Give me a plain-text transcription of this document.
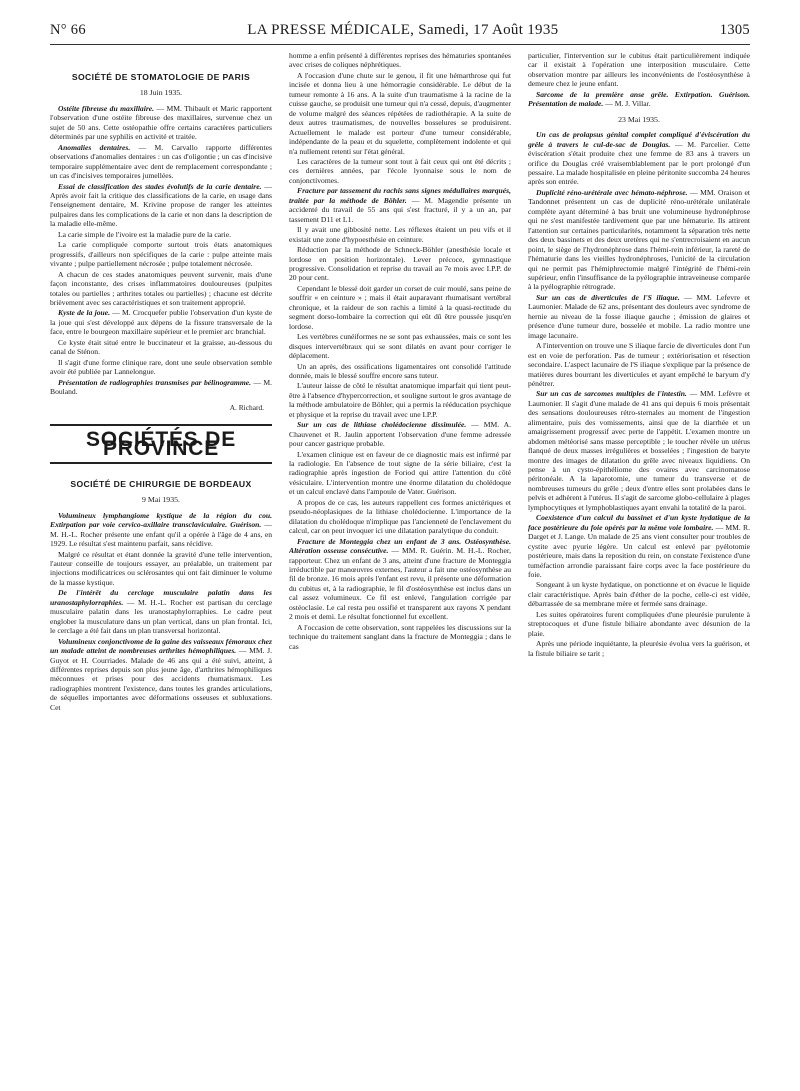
N° 66	LA PRESSE MÉDICALE, Samedi, 17 Août 1935	1305
SOCIÉTÉ DE STOMATOLOGIE DE PARIS
18 Juin 1935.

Ostéite fibreuse du maxillaire. — MM. Thibault et Maric rapportent l'observation d'une ostéite fibreuse des maxillaires, survenue chez un sujet de 50 ans. Cette ostéopathie offre certains caractères particuliers déterminés par une syphilis en activité et traitée.

Anomalies dentaires. — M. Carvallo rapporte différentes observations d'anomalies dentaires : un cas d'oligontie ; un cas d'incisive temporaire supplémentaire avec dent de remplacement correspondante ; un cas d'incisives temporaires jumellées.

Essai de classification des stades évolutifs de la carie dentaire. — Après avoir fait la critique des classifications de la carie, en usage dans l'enseignement dentaire, M. Krivine propose de ranger les atteintes pulpaires dans les complications de la carie et non dans la description de la maladie elle-même.

La carie simple de l'ivoire est la maladie pure de la carie.

La carie compliquée comporte surtout trois états anatomiques progressifs, d'ailleurs non spécifiques de la carie : pulpe atteinte mais vivante ; pulpe partiellement nécrosée ; pulpe totalement nécrosée.

A chacun de ces stades anatomiques peuvent survenir, mais d'une façon inconstante, des crises inflammatoires douloureuses (pulpites totales ou partielles ; arthrites totales ou partielles) ; chacune est décrite brièvement avec ses caractéristiques et son traitement approprié.

Kyste de la joue. — M. Crocquefer publie l'observation d'un kyste de la joue qui s'est développé aux dépens de la fissure transversale de la face, entre le bourgeon maxillaire supérieur et le premier arc branchial.

Ce kyste était situé entre le buccinateur et la graisse, au-dessous du canal de Sténon.

Il s'agit d'une forme clinique rare, dont une seule observation semble avoir été publiée par Lannelongue.

Présentation de radiographies transmises par bélinogramme. — M. Bouland.

A. Richard.
SOCIÉTÉS DE PROVINCE
SOCIÉTÉ DE CHIRURGIE DE BORDEAUX
9 Mai 1935.

Volumineux lymphangiome kystique de la région du cou. Extirpation par voie cervico-axillaire transclaviculaire. Guérison. — M. H.-L. Rocher présente une enfant qu'il a opérée à l'âge de 4 ans, en 1929. Le résultat s'est maintenu parfait, sans récidive.

Malgré ce résultat et étant donnée la gravité d'une telle intervention, l'auteur conseille de toujours essayer, au préalable, un traitement par injections modificatrices ou sclérosantes qui ont fait diminuer le volume de la masse kystique.

De l'intérêt du cerclage musculaire palatin dans les uranostaphylorraphies. — M. H.-L. Rocher est partisan du cerclage musculaire palatin dans les uranostaphylorraphies. Le cadre peut englober la musculature dans un plan vertical, dans un plan frontal. Ici, le cerclage a été fait dans un plan transversal horizontal.

Volumineux conjonctivome de la gaine des vaisseaux fémoraux chez un malade atteint de nombreuses arthrites hémophiliques. — MM. J. Guyot et H. Courriades. Malade de 46 ans qui a été suivi, atteint, à différentes reprises depuis son plus jeune âge, d'arthrites hémophiliques méconnues et prises pour des accidents rhumatismaux. Les radiographies montrent l'existence, dans toutes les grandes articulations, de séquelles importantes avec déformations osseuses et subluxations. Cet

homme a enfin présenté à différentes reprises des hématuries spontanées avec crises de coliques néphrétiques.

A l'occasion d'une chute sur le genou, il fit une hémarthrose qui fut incisée et donna lieu à une hémorragie considérable. Le début de la tumeur remonte à 16 ans. A la suite d'un traumatisme à la racine de la cuisse gauche, se produisit une tumeur qui n'a cessé, depuis, d'augmenter de volume malgré des séances répétées de radiothérapie. A la suite de deux autres traumatismes, de nouvelles bosselures se produisirent. Actuellement le malade est porteur d'une tumeur considérable, indépendante de la peau et du squelette, complètement indolente et qui n'a nullement retenti sur l'état général.

Les caractères de la tumeur sont tout à fait ceux qui ont été décrits ; ces dernières années, par l'école lyonnaise sous le nom de conjonctivomes.

Fracture par tassement du rachis sans signes médullaires marqués, traitée par la méthode de Böhler. — M. Magendie présente un accidenté du travail de 55 ans qui s'est fracturé, il y a un an, par tassement D11 et L1.

Il y avait une gibbosité nette. Les réflexes étaient un peu vifs et il existait une zone d'hypoesthésie en ceinture.

Réduction par la méthode de Schneck-Böhler (anesthésie locale et lordose en position horizontale). Lever précoce, gymnastique progressive. Consolidation et reprise du travail au 7e mois avec I.P.P. de 20 pour cent.

Cependant le blessé doit garder un corset de cuir moulé, sans peine de souffrir « en ceinture » ; mais il était auparavant rhumatisant vertébral chronique, et la raideur de son rachis a limité à la quasi-rectitude du segment dorso-lombaire la correction qui eût dû être poussée jusqu'en lordose.

Les vertèbres cunéiformes ne se sont pas exhaussées, mais ce sont les disques intervertébraux qui se sont dilatés en avant pour corriger le déplacement.

Un an après, des ossifications ligamentaires ont consolidé l'attitude donnée, mais le blessé souffre encore sans tuteur.

L'auteur laisse de côté le résultat anatomique imparfait qui tient peut-être à l'absence d'hypercorrection, et souligne surtout le gros avantage de la méthode ambulatoire de Böhler, qui a permis la rééducation psychique et physique et la reprise du travail avec une I.P.P.

Sur un cas de lithiase cholédocienne dissimulée. — MM. A. Chauvenet et R. Jaulin apportent l'observation d'une femme adressée pour cancer gastrique probable.

L'examen clinique est en faveur de ce diagnostic mais est infirmé par la radiologie. En l'absence de tout signe de la série biliaire, c'est la radiographie après ingestion de Foriod qui attire l'attention du côté vésiculaire. L'intervention montre une énorme dilatation du cholédoque et un calcul enclavé dans l'ampoule de Vater. Guérison.

A propos de ce cas, les auteurs rappellent ces formes anictériques et pseudo-néoplasiques de la lithiase cholédocienne. L'importance de la dilatation du cholédoque n'implique pas l'ancienneté de l'enclavement du calcul, car on peut invoquer ici une dilatation paralytique du conduit.

Fracture de Monteggia chez un enfant de 3 ans. Ostéosynthèse. Altération osseuse consécutive. — MM. R. Guérin. M. H.-L. Rocher, rapporteur. Chez un enfant de 3 ans, atteint d'une fracture de Monteggia irréductible par manœuvres externes, l'auteur a fait une ostéosynthèse au fil de bronze. 16 mois après l'enfant est revu, il présente une déformation du cubitus et, à la radiographie, le fil d'ostéosynthèse est inclus dans un cal assez volumineux. Ce fil est enlevé, l'angulation corrigée par ostéoclasie. Le cal resta peu ossifié et transparent aux rayons X pendant 2 mois et demi. Le résultat fonctionnel fut excellent.

A l'occasion de cette observation, sont rappelées les discussions sur la technique du traitement sanglant dans la fracture de Monteggia ; dans le cas

particulier, l'intervention sur le cubitus était particulièrement indiquée car il existait à l'opération une interposition musculaire. Cette observation montre par ailleurs les inconvénients de l'ostéosynthèse à demeure chez le jeune enfant.

Sarcome de la première anse grêle. Extirpation. Guérison. Présentation de malade. — M. J. Villar.

23 Mai 1935.

Un cas de prolapsus génital complet compliqué d'éviscération du grêle à travers le cul-de-sac de Douglas. — M. Parcelier. Cette éviscération s'était produite chez une femme de 83 ans à travers un orifice du Douglas créé vraisemblablement par le port prolongé d'un pessaire. La malade hospitalisée en pleine péritonite succomba 24 heures après son entrée.

Duplicité réno-urétérale avec hémato-néphrose. — MM. Oraison et Tandonnet présentent un cas de duplicité réno-urétérale unilatérale complète ayant déterminé à bas bruit une volumineuse hydronéphrose qui ne s'est manifestée tardivement que par une hématurie. Ils attirent l'attention sur certaines particularités, notamment la séparation très nette des deux bassinets et des deux uretères qui ne s'entrecroisaient en aucun point, le siège de l'hydronéphrose dans l'hémi-rein inférieur, la rareté de l'hématurie dans les vieilles hydronéphroses, l'unicité de la circulation qui ne permit pas l'hémiphrectomie malgré l'intégrité de l'hémi-rein supérieur, enfin l'insuffisance de la pyélographie intraveineuse comparée à la pyélographie rétrograde.

Sur un cas de diverticules de l'S iliaque. — MM. Lefevre et Laumonier. Malade de 62 ans, présentant des douleurs avec syndrome de hernie au niveau de la fosse iliaque gauche ; émission de glaires et présence d'une tumeur dure, bosselée et mobile. La radio montre une image lacunaire.

A l'intervention on trouve une S iliaque farcie de diverticules dont l'un est en voie de perforation. Pas de tumeur ; extériorisation et résection secondaire. L'aspect lacunaire de l'S iliaque s'explique par la présence de matières dures bourrant les diverticules et ayant empêché le baryum d'y pénétrer.

Sur un cas de sarcomes multiples de l'intestin. — MM. Lefèvre et Laumonier. Il s'agit d'une malade de 41 ans qui depuis 6 mois présentait des sensations douloureuses rétro-sternales au moment de l'ingestion alimentaire, puis des vomissements, ainsi que de la diarrhée et un amaigrissement progressif avec perte de l'appétit. L'examen montre un abdomen météorisé sans masse perceptible ; le toucher révèle un utérus flanqué de deux masses irrégulières et bosselées ; l'ingestion de baryte montre des images de dilatation du grêle avec niveaux liquidiens. On pense à un cysto-épithéliome des ovaires avec carcinomatose péritonéale. A la laparotomie, une tumeur du transverse et de nombreuses tumeurs du grêle ; deux d'entre elles sont prolabées dans le pelvis et adhèrent à l'utérus. Il s'agit de sarcome globo-cellulaire à plages lymphocytiques et lymphoblastiques ayant envahi la totalité de la paroi.

Coexistence d'un calcul du bassinet et d'un kyste hydatique de la face postérieure du foie opérés par la même voie lombaire. — MM. R. Darget et J. Lange. Un malade de 25 ans vient consulter pour troubles de cystite avec pyurie légère. Un calcul est enlevé par pyélotomie postérieure, mais dans la reposition du rein, on constate l'existence d'une tuméfaction arrondie paraissant faire corps avec la face postérieure du foie.

Songeant à un kyste hydatique, on ponctionne et on évacue le liquide clair caractéristique. Après bain d'éther de la poche, celle-ci est vidée, débarrassée de sa membrane mère et fermée sans drainage.

Les suites opératoires furent compliquées d'une pleurésie purulente à streptocoques et d'une fistule biliaire abondante avec désunion de la plaie.

Après une période inquiétante, la pleurésie évolua vers la guérison, et la fistule biliaire se tarit ;
